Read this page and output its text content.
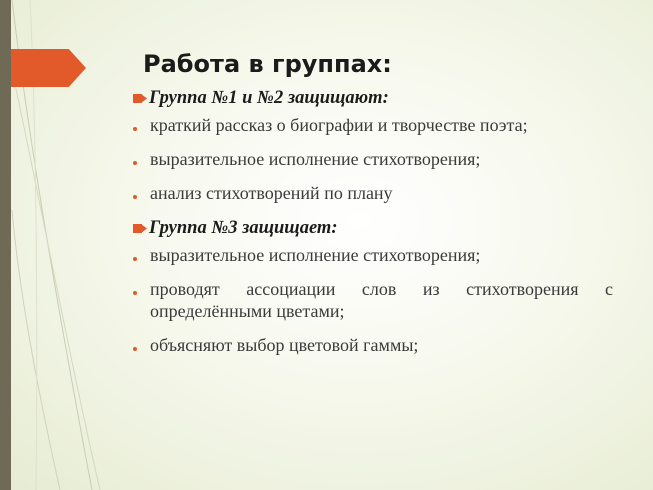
Работа в группах:
Группа №1 и №2 защищают:
краткий рассказ о биографии и творчестве поэта;
выразительное исполнение стихотворения;
анализ стихотворений по плану
Группа №3 защищает:
выразительное исполнение стихотворения;
проводят ассоциации слов из стихотворения с
определёнными цветами;
объясняют выбор цветовой гаммы;
